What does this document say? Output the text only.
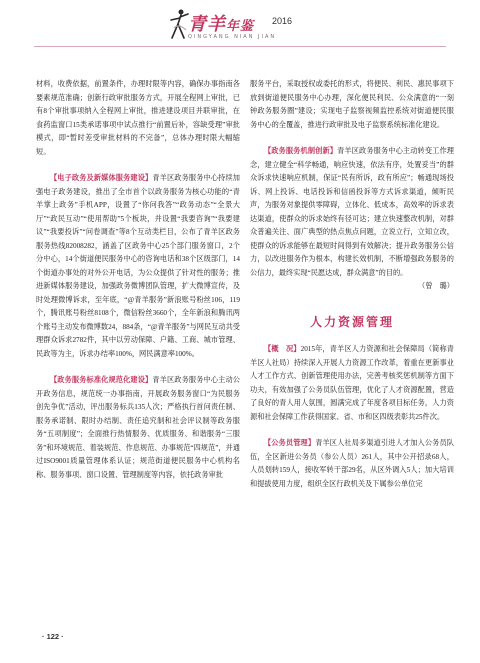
青羊年鉴 2016
QINGYANG NIAN JIAN

材料，收费依据，前置条件，办理时限等内容，确保办事指南各要素规范准确；创新行政审批服务方式，开展全程网上审批，已有8个审批事项纳入全程网上审批，推进建设项目并联审批，在食药监窗口15类承诺事项中试点推行“前置后补，容缺受理”审批模式，即“暂时差受审批材料的不完备”，总体办理时限大幅缩短。

【电子政务及新媒体服务建设】青羊区政务服务中心持续加强电子政务建设，推出了全市首个以政务服务为核心功能的“青羊掌上政务”手机APP，设置了“你问我答”“政务动态”“全景大厅”“政民互动”“使用帮助”5个板块，并设置“我要咨询”“我要建议”“我要投诉”“问卷调查”等8个互动类栏目，公布了青羊区政务服务热线82008282，涵盖了区政务中心25个部门服务窗口，2个分中心，14个街道便民服务中心的咨询电话和38个区级部门，14个街道办事处的对外公开电话，为公众提供了针对性的服务；推进新媒体服务建设，加强政务微博团队管理，扩大微博宣传，及时处理微博诉求，至年底，“@青羊服务”新浪账号粉丝106，119个，腾讯账号粉丝8108个，微信粉丝3660个，全年新浪和腾讯两个账号主动发布微博数24，884条，“@青羊服务”与网民互动共受理群众诉求2782件，其中以劳动保障、户籍、工商、城市管理、民政等为主，诉求办结率100%，网民满意率100%。

【政务服务标准化规范化建设】青羊区政务服务中心主动公开政务信息，规范统一办事指南，开展政务服务窗口“为民服务创先争优”活动，评出服务标兵135人次；严格执行首问责任制、服务承诺制、限时办结制、责任追究制和社会评议制等政务服务“五项制度”；全面推行热情服务、优质服务、和谐服务“三服务”和环境规范、着装规范、作息规范、办事规范“四规范”，并通过ISO9001质量管理体系认证；规范街道便民服务中心机构名称、服务事项、窗口设置、管理制度等内容，依托政务审批

服务平台，采取授权或委托的形式，将便民、利民、惠民事项下放到街道便民服务中心办理，深化便民利民、公众满意的“一刻钟政务服务圈”建设；实现电子监察视频监控系统对街道便民服务中心的全覆盖，推进行政审批及电子监察系统标准化建设。

【政务服务机制创新】青羊区政务服务中心主动转变工作理念，建立健全“科学畅通，响应快速，依法有序，处置妥当”的群众诉求快速响应机制，保证“民有所诉，政有所应”；畅通现场投诉、网上投诉、电话投诉和信函投诉等方式诉求渠道，倾听民声，为服务对象提供零障碍，立体化、低成本，高效率的诉求表达渠道，使群众的诉求始终有径可达；建立快速整改机制，对群众普遍关注、面广典型的热点焦点问题，立说立行，立知立改，使群众的诉求能够在最短时间得到有效解决；提升政务服务公信力，以改进服务作为根本，构建长效机制，不断增强政务服务的公信力，最终实现“民愿达成，群众满意”的目的。

（曾　璐）
人力资源管理

【概　况】2015年，青羊区人力资源和社会保障局（简称青羊区人社局）持续深入开展人力资源工作改革，着重在更新事业人才工作方式、创新管理使用办法，完善考核奖惩机制等方面下功夫，有效加强了公务员队伍管理，优化了人才资源配置，营造了良好的青人用人氛围，圆满完成了年度各项目标任务，人力资源和社会保障工作获得国家、省、市和区四级表彰共25件次。

【公务员管理】青羊区人社局多渠道引进人才加入公务员队伍，全区新进公务员（参公人员）261人，其中公开招录68人，人员划转159人，接收军转干部29名，从区外调入5人；加大培训和提拔使用力度，组织全区行政机关及下属参公单位完

· 122 ·
